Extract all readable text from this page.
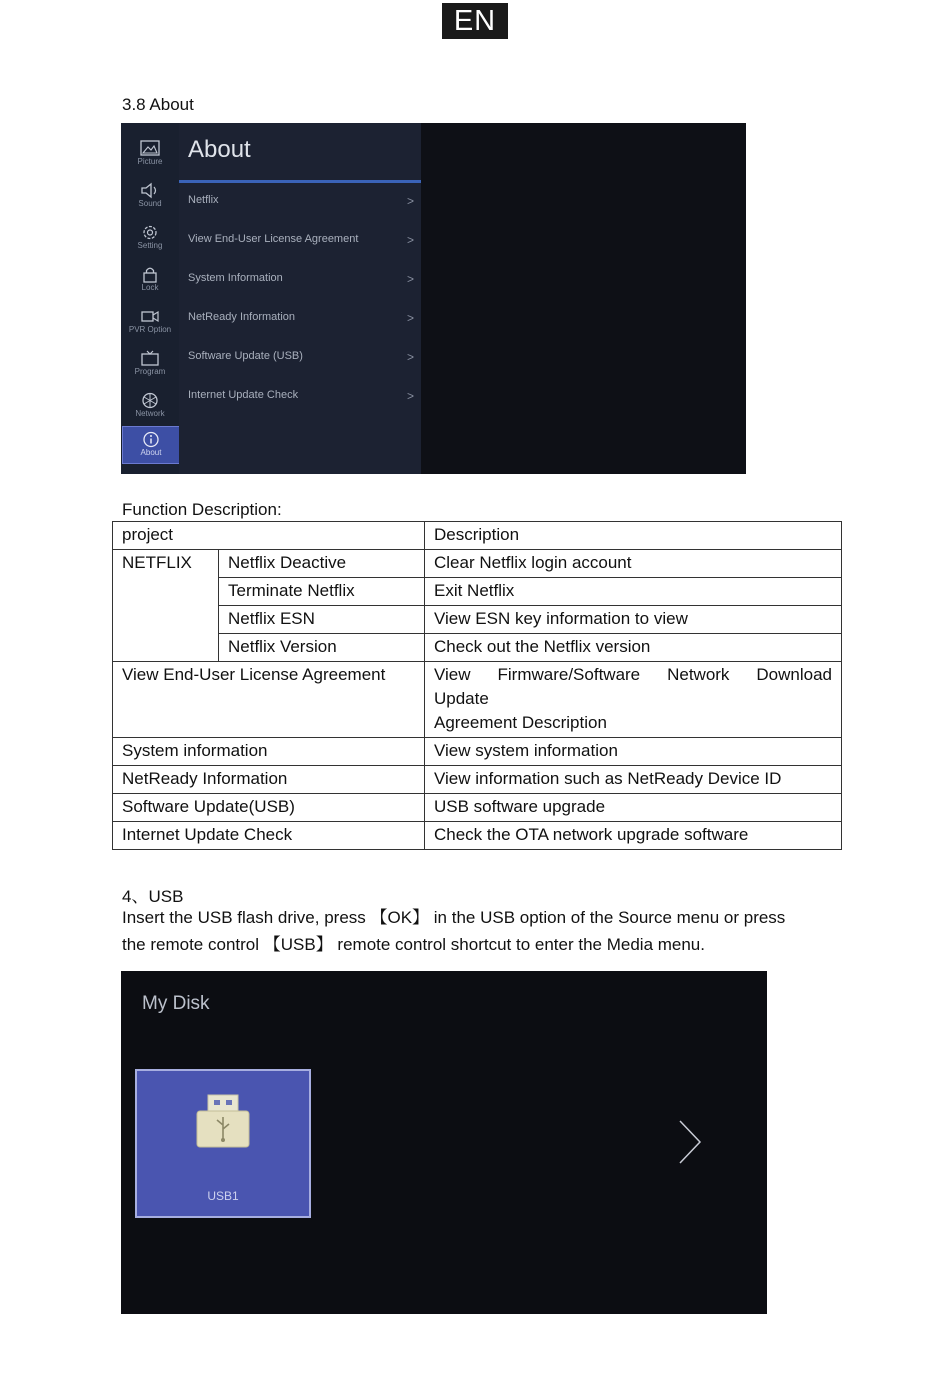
EN
3.8 About
Picture
Sound
Setting
Lock
PVR Option
Program
Network
About
About
Netflix	>
View End-User License Agreement	>
System Information	>
NetReady Information	>
Software Update (USB)	>
Internet Update Check	>
Function Description:
project		Description
NETFLIX	Netflix Deactive	Clear Netflix login account
	Terminate Netflix	Exit Netflix
	Netflix ESN	View ESN key information to view
	Netflix Version	Check out the Netflix version
View End-User License Agreement		View Firmware/Software Network Download
Update
Agreement Description

System information		View system information
NetReady Information		View information such as NetReady Device ID
Software Update(USB)		USB software upgrade
Internet Update Check		Check the OTA network upgrade software
4、USB
Insert the USB flash drive, press 【OK】 in the USB option of the Source menu or press
the remote control 【USB】 remote control shortcut to enter the Media menu.
My Disk
USB1
